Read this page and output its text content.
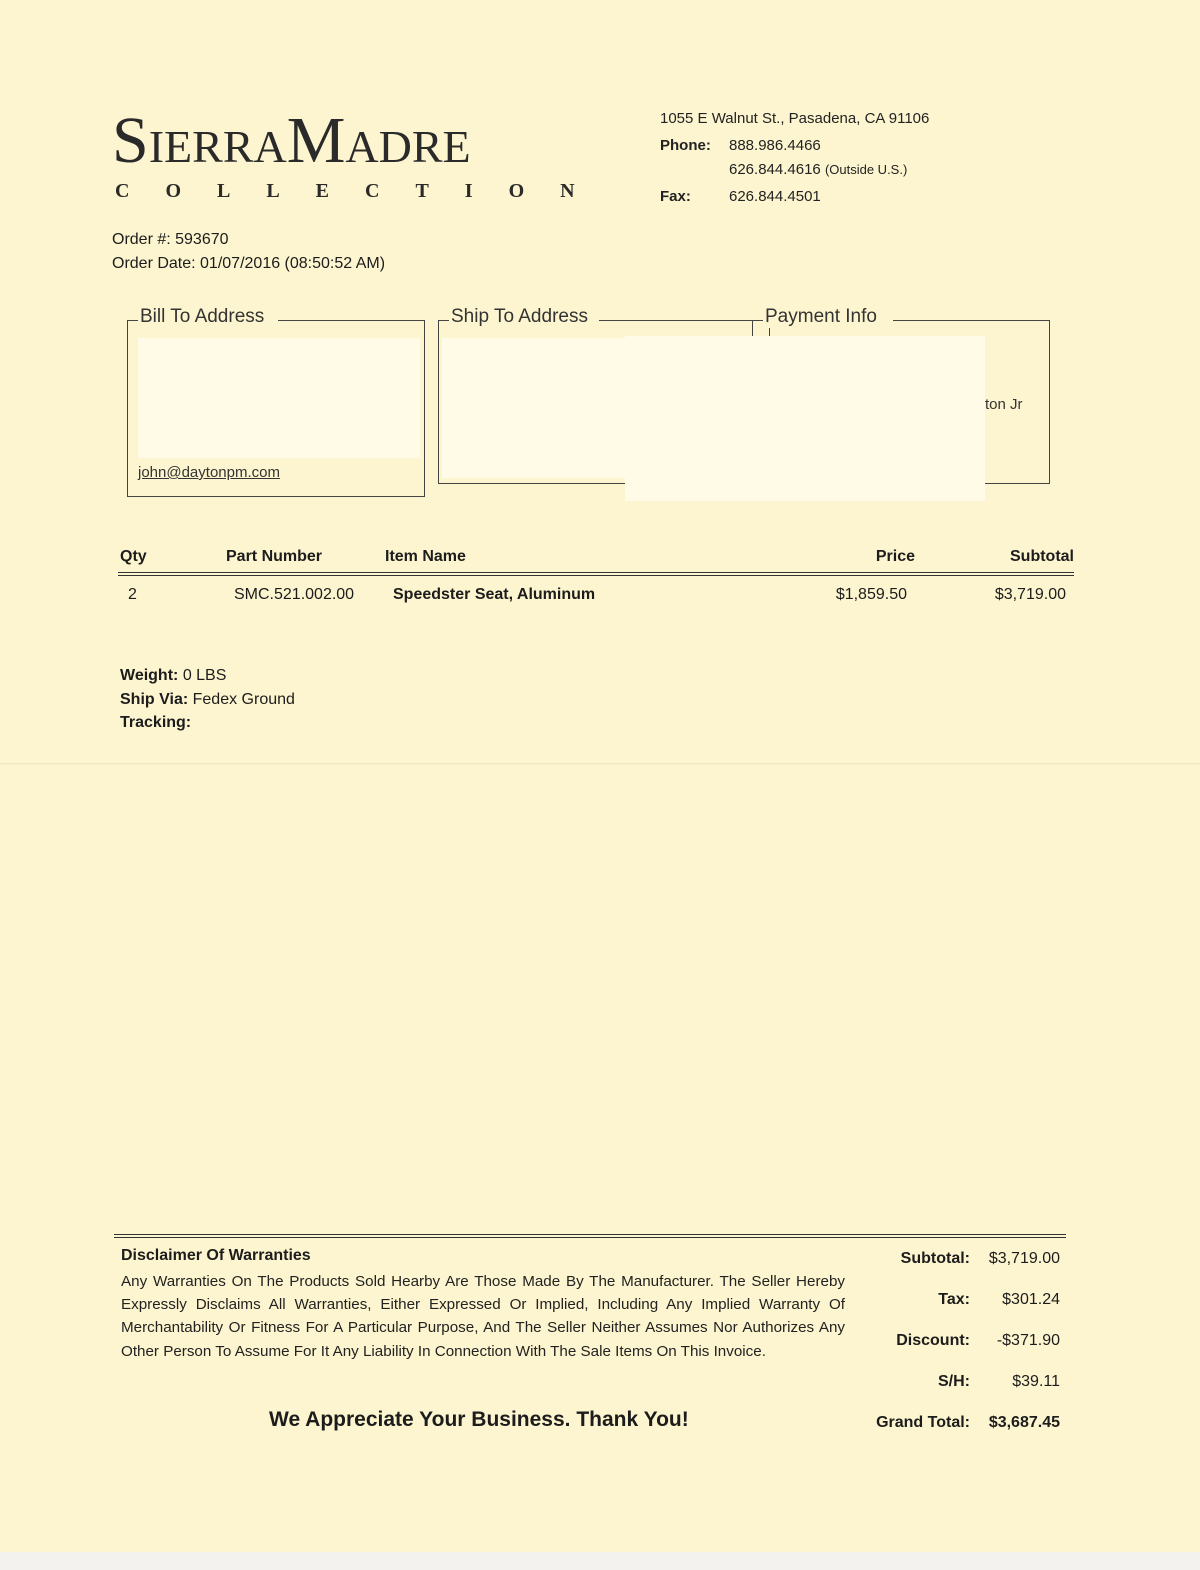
SIERRAMADRE
COLLECTION
1055 E Walnut St., Pasadena, CA 91106
Phone: 888.986.4466
626.844.4616 (Outside U.S.)
Fax:	626.844.4501
Order #: 593670
Order Date: 01/07/2016 (08:50:52 AM)
Bill To Address
john@daytonpm.com
Ship To Address	Payment Info
ton Jr
Qty	Part Number	Item Name	Price	Subtotal
2	SMC.521.002.00 Speedster Seat, Aluminum	$1,859.50	$3,719.00
Weight: 0 LBS
Ship Via: Fedex Ground
Tracking:
Disclaimer Of Warranties
Any Warranties On The Products Sold Hearby Are Those Made By The Manufacturer. The Seller Hereby Expressly Disclaims All Warranties, Either Expressed Or Implied, Including Any Implied Warranty Of Merchantability Or Fitness For A Particular Purpose, And The Seller Neither Assumes Nor Authorizes Any Other Person To Assume For It Any Liability In Connection With The Sale Items On This Invoice.
We Appreciate Your Business. Thank You!
Subtotal:	$3,719.00
Tax:	$301.24
Discount:	-$371.90
S/H:	$39.11
Grand Total:	$3,687.45
